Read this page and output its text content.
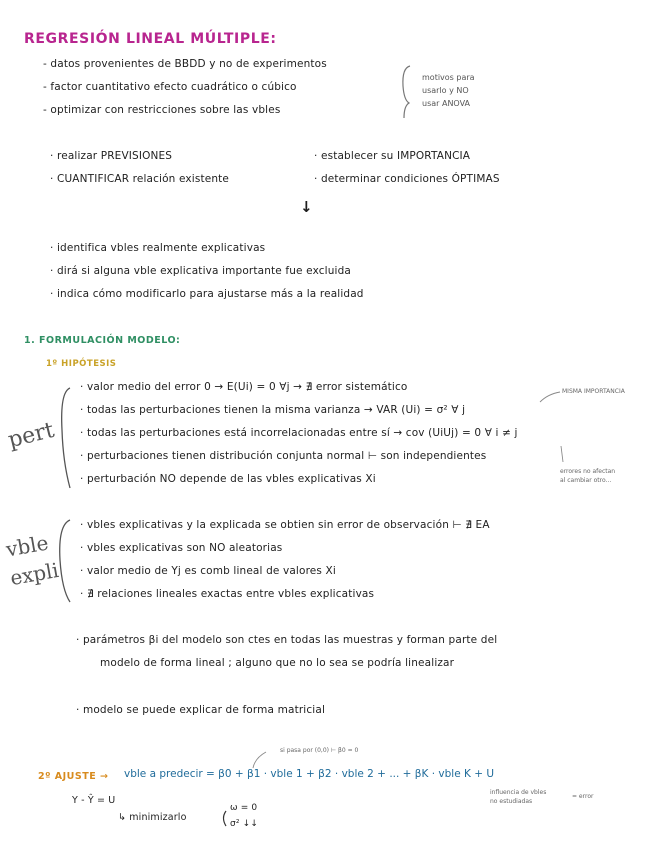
REGRESIÓN LINEAL MÚLTIPLE:
- datos provenientes de BBDD y no de experimentos
- factor cuantitativo efecto cuadrático o cúbico
- optimizar con restricciones sobre las vbles
motivos para
usarlo y NO
usar ANOVA
· realizar PREVISIONES
· CUANTIFICAR relación existente
· establecer su IMPORTANCIA
· determinar condiciones ÓPTIMAS
↓
· identifica vbles realmente explicativas
· dirá si alguna vble explicativa importante fue excluida
· indica cómo modificarlo para ajustarse más a la realidad
1. FORMULACIÓN MODELO:
1º HIPÓTESIS
pert
· valor medio del error 0 → E(Ui) = 0 ∀j → ∄ error sistemático
· todas las perturbaciones tienen la misma varianza → VAR (Ui) = σ² ∀ j
· todas las perturbaciones está incorrelacionadas entre sí → cov (UiUj) = 0 ∀ i ≠ j
· perturbaciones tienen distribución conjunta normal ⊢ son independientes
· perturbación NO depende de las vbles explicativas Xi
MISMA IMPORTANCIA
errores no afectan
al cambiar otro...
vble
expli
· vbles explicativas y la explicada se obtien sin error de observación ⊢ ∄ EA
· vbles explicativas son NO aleatorias
· valor medio de Yj es comb lineal de valores Xi
· ∄ relaciones lineales exactas entre vbles explicativas
· parámetros βi del modelo son ctes en todas las muestras y forman parte del
modelo de forma lineal ; alguno que no lo sea se podría linealizar
· modelo se puede explicar de forma matricial
si pasa por (0,0) ⊢ β0 = 0
2º AJUSTE → vble a predecir = β0 + β1 · vble 1 + β2 · vble 2 + ... + βK · vble K + U
influencia de vbles
no estudiadas
= error
Y - Ŷ = U
↳ minimizarlo
ω = 0
σ² ↓↓
